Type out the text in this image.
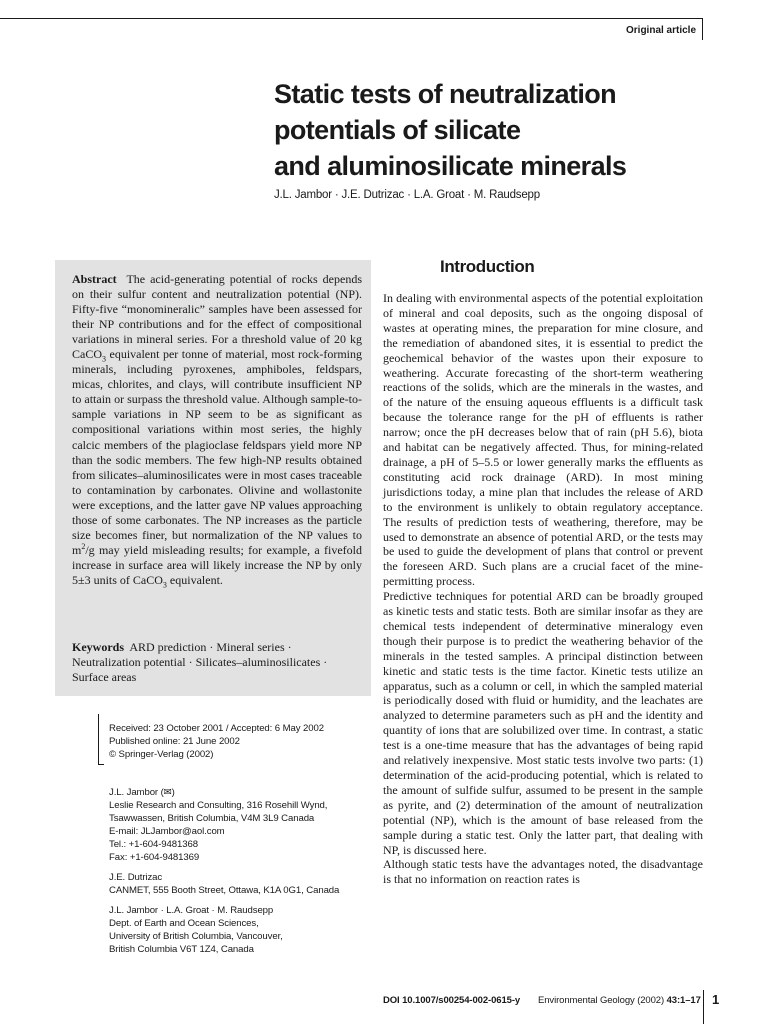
Original article
Static tests of neutralization
potentials of silicate
and aluminosilicate minerals
J.L. Jambor · J.E. Dutrizac · L.A. Groat · M. Raudsepp

Abstract The acid-generating potential of rocks depends on their sulfur content and neutralization potential (NP). Fifty-five “monomineralic” samples have been assessed for their NP contributions and for the effect of compositional variations in mineral series. For a threshold value of 20 kg CaCO$_3$ equivalent per tonne of material, most rock-forming minerals, including pyroxenes, amphiboles, feldspars, micas, chlorites, and clays, will contribute insufficient NP to attain or surpass the threshold value. Although sample-to-sample variations in NP seem to be as significant as compositional variations within most series, the highly calcic members of the plagioclase feldspars yield more NP than the sodic members. The few high-NP results obtained from silicates–aluminosilicates were in most cases traceable to contamination by carbonates. Olivine and wollastonite were exceptions, and the latter gave NP values approaching those of some carbonates. The NP increases as the particle size becomes finer, but normalization of the NP values to $m^2/g$ may yield misleading results; for example, a fivefold increase in surface area will likely increase the NP by only 5±3 units of CaCO$_3$ equivalent.

Keywords ARD prediction · Mineral series · Neutralization potential · Silicates–aluminosilicates · Surface areas

Received: 23 October 2001 / Accepted: 6 May 2002
Published online: 21 June 2002
© Springer-Verlag (2002)
J.L. Jambor (✉)
Leslie Research and Consulting, 316 Rosehill Wynd,
Tsawwassen, British Columbia, V4M 3L9 Canada
E-mail: JLJambor@aol.com
Tel.: +1-604-9481368
Fax: +1-604-9481369
J.E. Dutrizac
CANMET, 555 Booth Street, Ottawa, K1A 0G1, Canada
J.L. Jambor · L.A. Groat · M. Raudsepp
Dept. of Earth and Ocean Sciences,
University of British Columbia, Vancouver,
British Columbia V6T 1Z4, Canada
Introduction

In dealing with environmental aspects of the potential exploitation of mineral and coal deposits, such as the ongoing disposal of wastes at operating mines, the preparation for mine closure, and the remediation of abandoned sites, it is essential to predict the geochemical behavior of the wastes upon their exposure to weathering. Accurate forecasting of the short-term weathering reactions of the solids, which are the minerals in the wastes, and of the nature of the ensuing aqueous effluents is a difficult task because the tolerance range for the pH of effluents is rather narrow; once the pH decreases below that of rain (pH 5.6), biota and habitat can be negatively affected. Thus, for mining-related drainage, a pH of 5–5.5 or lower generally marks the effluents as constituting acid rock drainage (ARD). In most mining jurisdictions today, a mine plan that includes the release of ARD to the environment is unlikely to obtain regulatory acceptance. The results of prediction tests of weathering, therefore, may be used to demonstrate an absence of potential ARD, or the tests may be used to guide the development of plans that control or prevent the foreseen ARD. Such plans are a crucial facet of the mine-permitting process.

Predictive techniques for potential ARD can be broadly grouped as kinetic tests and static tests. Both are similar insofar as they are chemical tests independent of determinative mineralogy even though their purpose is to predict the weathering behavior of the minerals in the tested samples. A principal distinction between kinetic and static tests is the time factor. Kinetic tests utilize an apparatus, such as a column or cell, in which the sampled material is periodically dosed with fluid or humidity, and the leachates are analyzed to determine parameters such as pH and the identity and quantity of ions that are solubilized over time. In contrast, a static test is a one-time measure that has the advantages of being rapid and relatively inexpensive. Most static tests involve two parts: (1) determination of the acid-producing potential, which is related to the amount of sulfide sulfur, assumed to be present in the sample as pyrite, and (2) determination of the amount of neutralization potential (NP), which is the amount of base released from the sample during a static test. Only the latter part, that dealing with NP, is discussed here.

Although static tests have the advantages noted, the disadvantage is that no information on reaction rates is

DOI 10.1007/s00254-002-0615-y Environmental Geology (2002) 43:1–17 1
